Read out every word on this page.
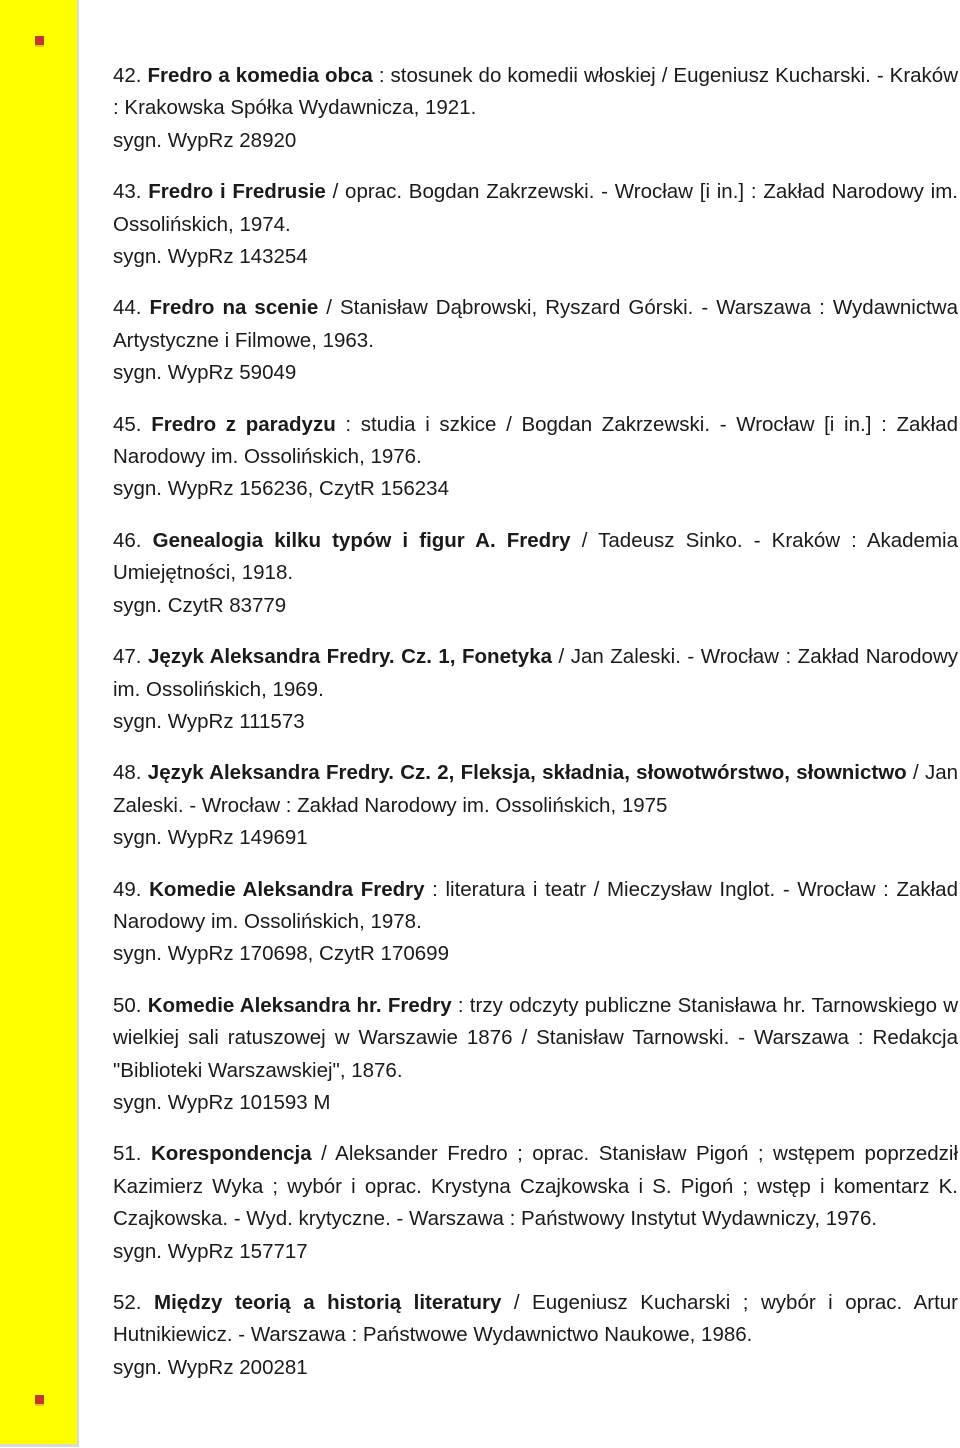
42. Fredro a komedia obca : stosunek do komedii włoskiej / Eugeniusz Kucharski. - Kraków : Krakowska Spółka Wydawnicza, 1921.
sygn. WypRz 28920
43. Fredro i Fredrusie / oprac. Bogdan Zakrzewski. - Wrocław [i in.] : Zakład Narodowy im. Ossolińskich, 1974.
sygn. WypRz 143254
44. Fredro na scenie / Stanisław Dąbrowski, Ryszard Górski. - Warszawa : Wydawnictwa Artystyczne i Filmowe, 1963.
sygn. WypRz 59049
45. Fredro z paradyzu : studia i szkice / Bogdan Zakrzewski. - Wrocław [i in.] : Zakład Narodowy im. Ossolińskich, 1976.
sygn. WypRz 156236, CzytR 156234
46. Genealogia kilku typów i figur A. Fredry / Tadeusz Sinko. - Kraków : Akademia Umiejętności, 1918.
sygn. CzytR 83779
47. Język Aleksandra Fredry. Cz. 1, Fonetyka / Jan Zaleski. - Wrocław : Zakład Narodowy im. Ossolińskich, 1969.
sygn. WypRz 111573
48. Język Aleksandra Fredry. Cz. 2, Fleksja, składnia, słowotwórstwo, słownictwo / Jan Zaleski. - Wrocław : Zakład Narodowy im. Ossolińskich, 1975
sygn. WypRz 149691
49. Komedie Aleksandra Fredry : literatura i teatr / Mieczysław Inglot. - Wrocław : Zakład Narodowy im. Ossolińskich, 1978.
sygn. WypRz 170698, CzytR 170699
50. Komedie Aleksandra hr. Fredry : trzy odczyty publiczne Stanisława hr. Tarnowskiego w wielkiej sali ratuszowej w Warszawie 1876 / Stanisław Tarnowski. - Warszawa : Redakcja "Biblioteki Warszawskiej", 1876.
sygn. WypRz 101593 M
51. Korespondencja / Aleksander Fredro ; oprac. Stanisław Pigoń ; wstępem poprzedził Kazimierz Wyka ; wybór i oprac. Krystyna Czajkowska i S. Pigoń ; wstęp i komentarz K. Czajkowska. - Wyd. krytyczne. - Warszawa : Państwowy Instytut Wydawniczy, 1976.
sygn. WypRz 157717
52. Między teorią a historią literatury / Eugeniusz Kucharski ; wybór i oprac. Artur Hutnikiewicz. - Warszawa : Państwowe Wydawnictwo Naukowe, 1986.
sygn. WypRz 200281
